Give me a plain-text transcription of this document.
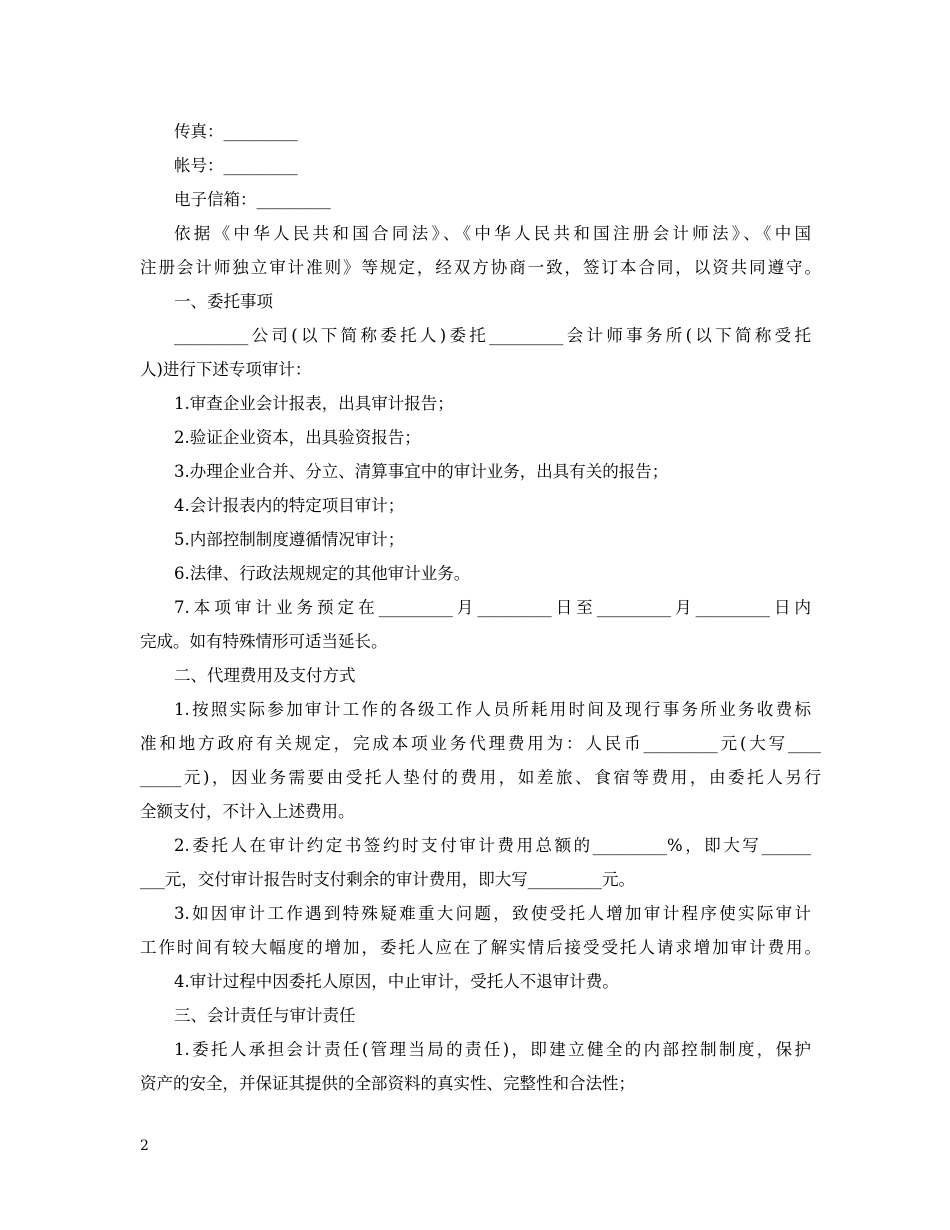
传真：_________
帐号：_________
电子信箱：_________
依据《中华人民共和国合同法》、《中华人民共和国注册会计师法》、《中国
注册会计师独立审计准则》等规定，经双方协商一致，签订本合同，以资共同遵守。
一、委托事项
_________公司(以下简称委托人)委托_________会计师事务所(以下简称受托
人)进行下述专项审计：
1.审查企业会计报表，出具审计报告；
2.验证企业资本，出具验资报告；
3.办理企业合并、分立、清算事宜中的审计业务，出具有关的报告；
4.会计报表内的特定项目审计；
5.内部控制制度遵循情况审计；
6.法律、行政法规规定的其他审计业务。
7.本项审计业务预定在_________月_________日至_________月_________日内
完成。如有特殊情形可适当延长。
二、代理费用及支付方式
1.按照实际参加审计工作的各级工作人员所耗用时间及现行事务所业务收费标
准和地方政府有关规定，完成本项业务代理费用为：人民币_________元(大写____
_____元)，因业务需要由受托人垫付的费用，如差旅、食宿等费用，由委托人另行
全额支付，不计入上述费用。
2.委托人在审计约定书签约时支付审计费用总额的_________%，即大写______
___元，交付审计报告时支付剩余的审计费用，即大写_________元。
3.如因审计工作遇到特殊疑难重大问题，致使受托人增加审计程序使实际审计
工作时间有较大幅度的增加，委托人应在了解实情后接受受托人请求增加审计费用。
4.审计过程中因委托人原因，中止审计，受托人不退审计费。
三、会计责任与审计责任
1.委托人承担会计责任(管理当局的责任)，即建立健全的内部控制制度，保护
资产的安全，并保证其提供的全部资料的真实性、完整性和合法性；
2
